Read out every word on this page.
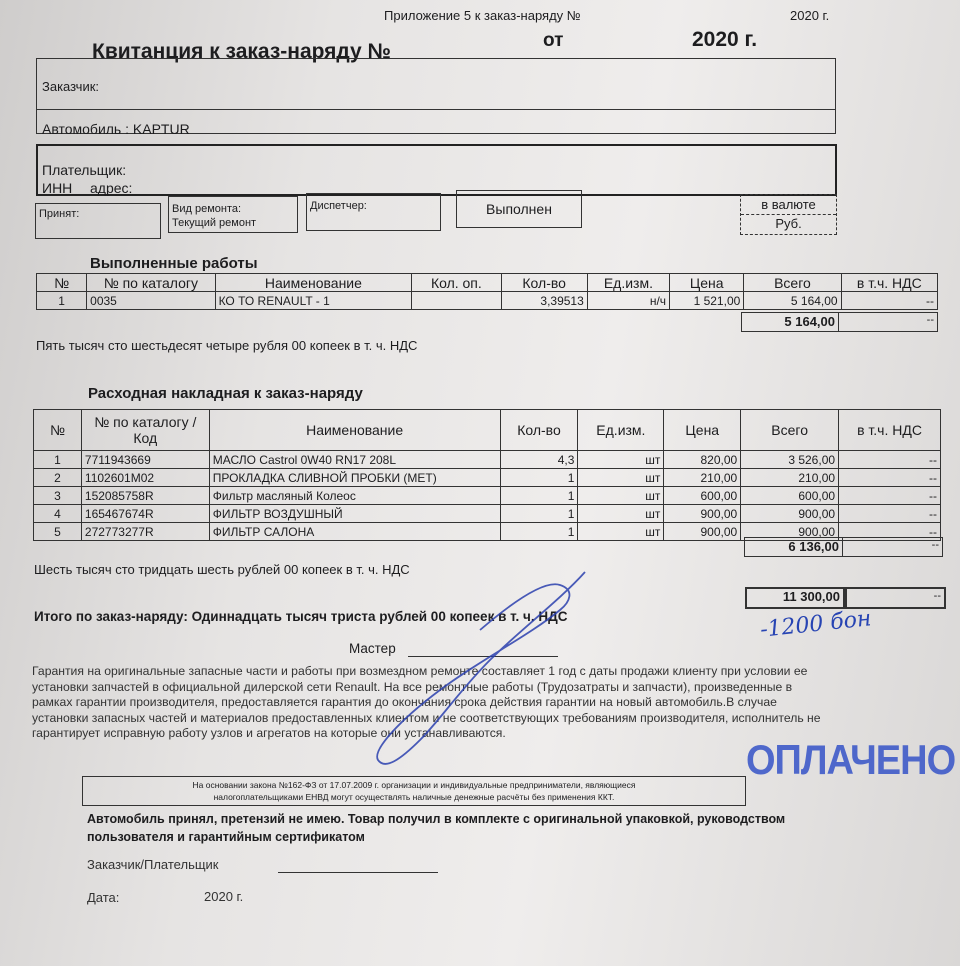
Приложение 5 к заказ-наряду №	2020 г.
Квитанция к заказ-наряду №	от	2020 г.
Заказчик:
Автомобиль : KAPTUR
Плательщик:
ИНН адрес:
Принят:	Вид ремонта:
Текущий ремонт
Диспетчер:	Выполнен	в валюте
Руб.
Выполненные работы
№	№ по каталогу	Наименование	Кол. оп.	Кол-во	Ед.изм.	Цена	Всего	в т.ч. НДС
1	0035	КО ТО RENAULT - 1		3,39513	н/ч	1 521,00	5 164,00	--
5 164,00	--
Пять тысяч сто шестьдесят четыре рубля 00 копеек в т. ч. НДС
Расходная накладная к заказ-наряду
№	№ по каталогу / Код	Наименование	Кол-во	Ед.изм.	Цена	Всего	в т.ч. НДС
1	7711943669	МАСЛО Castrol 0W40 RN17 208L	4,3	шт	820,00	3 526,00	--
2	1102601M02	ПРОКЛАДКА СЛИВНОЙ ПРОБКИ (МЕТ)	1	шт	210,00	210,00	--
3	152085758R	Фильтр масляный Колеос	1	шт	600,00	600,00	--
4	165467674R	ФИЛЬТР ВОЗДУШНЫЙ	1	шт	900,00	900,00	--
5	272773277R	ФИЛЬТР САЛОНА	1	шт	900,00	900,00	--
6 136,00	--
Шесть тысяч сто тридцать шесть рублей 00 копеек в т. ч. НДС
11 300,00	--
Итого по заказ-наряду: Одиннадцать тысяч триста рублей 00 копеек в т. ч. НДС	-1200 бон
Мастер
Гарантия на оригинальные запасные части и работы при возмездном ремонте составляет 1 год с даты продажи клиенту при условии ее
установки запчастей в официальной дилерской сети Renault. На все ремонтные работы (Трудозатраты и запчасти), произведенные в
рамках гарантии производителя, предоставляется гарантия до окончания срока действия гарантии на новый автомобиль.В случае
установки запасных частей и материалов предоставленных клиентом и не соответствующих требованиям производителя, исполнитель не
гарантирует исправную работу узлов и агрегатов на которые они устанавливаются.
ОПЛАЧЕНО
На основании закона №162-ФЗ от 17.07.2009 г. организации и индивидуальные предприниматели, являющиеся
налогоплательщиками ЕНВД могут осуществлять наличные денежные расчёты без применения ККТ.
Автомобиль принял, претензий не имею. Товар получил в комплекте с оригинальной упаковкой, руководством
пользователя и гарантийным сертификатом
Заказчик/Плательщик
Дата:	2020 г.
